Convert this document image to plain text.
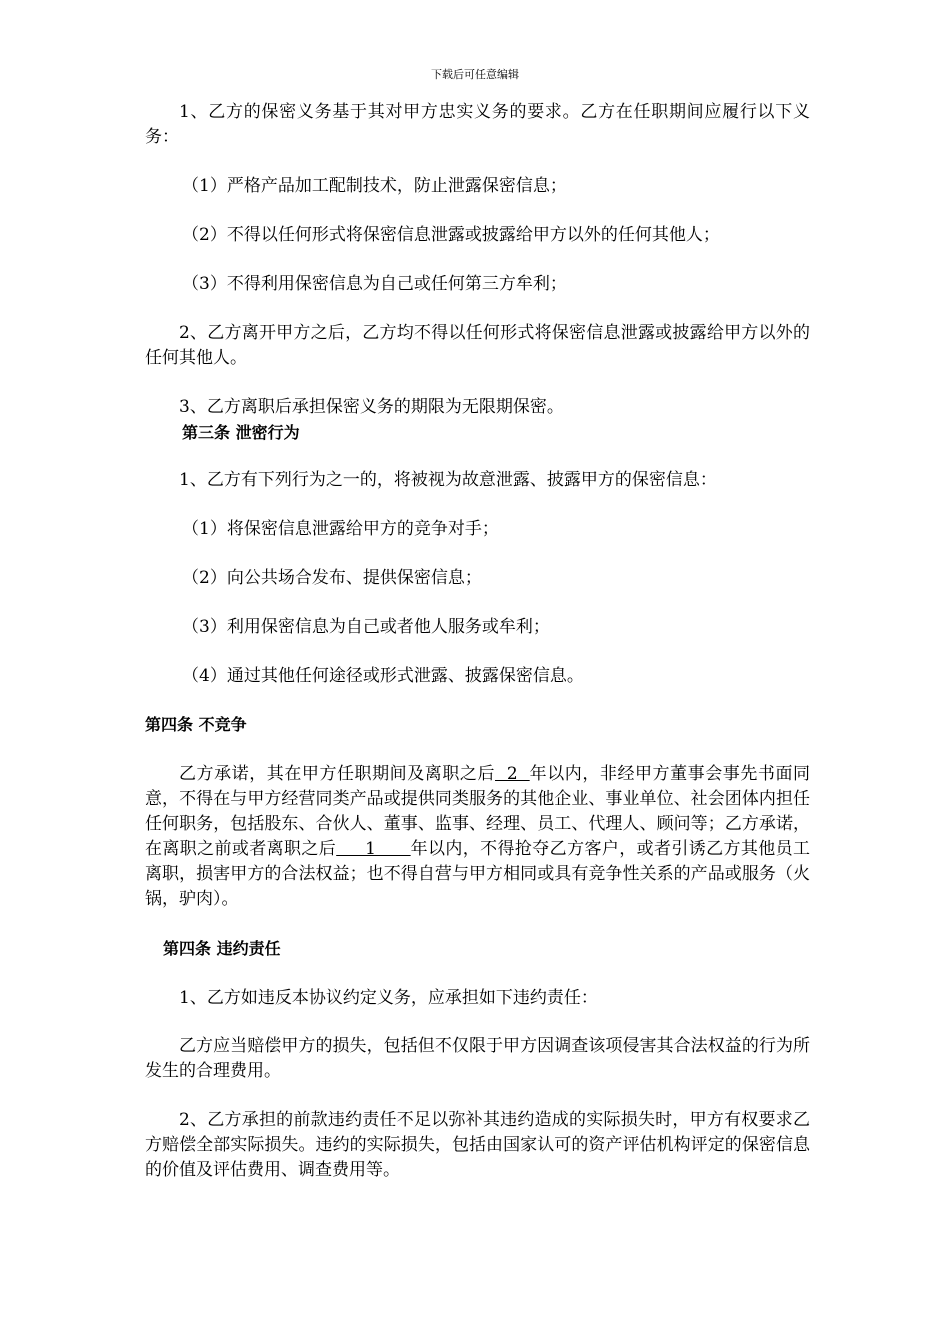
下载后可任意编辑

1、乙方的保密义务基于其对甲方忠实义务的要求。乙方在任职期间应履行以下义务：

（1）严格产品加工配制技术，防止泄露保密信息；

（2）不得以任何形式将保密信息泄露或披露给甲方以外的任何其他人；

（3）不得利用保密信息为自己或任何第三方牟利；

2、乙方离开甲方之后，乙方均不得以任何形式将保密信息泄露或披露给甲方以外的任何其他人。

3、乙方离职后承担保密义务的期限为无限期保密。

第三条 泄密行为

1、乙方有下列行为之一的，将被视为故意泄露、披露甲方的保密信息：

（1）将保密信息泄露给甲方的竞争对手；

（2）向公共场合发布、提供保密信息；

（3）利用保密信息为自己或者他人服务或牟利；

（4）通过其他任何途径或形式泄露、披露保密信息。

第四条 不竞争

乙方承诺，其在甲方任职期间及离职之后  2  年以内，非经甲方董事会事先书面同意，不得在与甲方经营同类产品或提供同类服务的其他企业、事业单位、社会团体内担任任何职务，包括股东、合伙人、董事、监事、经理、员工、代理人、顾问等；乙方承诺，在离职之前或者离职之后     1      年以内，不得抢夺乙方客户，或者引诱乙方其他员工离职，损害甲方的合法权益；也不得自营与甲方相同或具有竞争性关系的产品或服务（火锅，驴肉）。

第四条 违约责任

1、乙方如违反本协议约定义务，应承担如下违约责任：

乙方应当赔偿甲方的损失，包括但不仅限于甲方因调查该项侵害其合法权益的行为所发生的合理费用。

2、乙方承担的前款违约责任不足以弥补其违约造成的实际损失时，甲方有权要求乙方赔偿全部实际损失。违约的实际损失，包括由国家认可的资产评估机构评定的保密信息的价值及评估费用、调查费用等。
